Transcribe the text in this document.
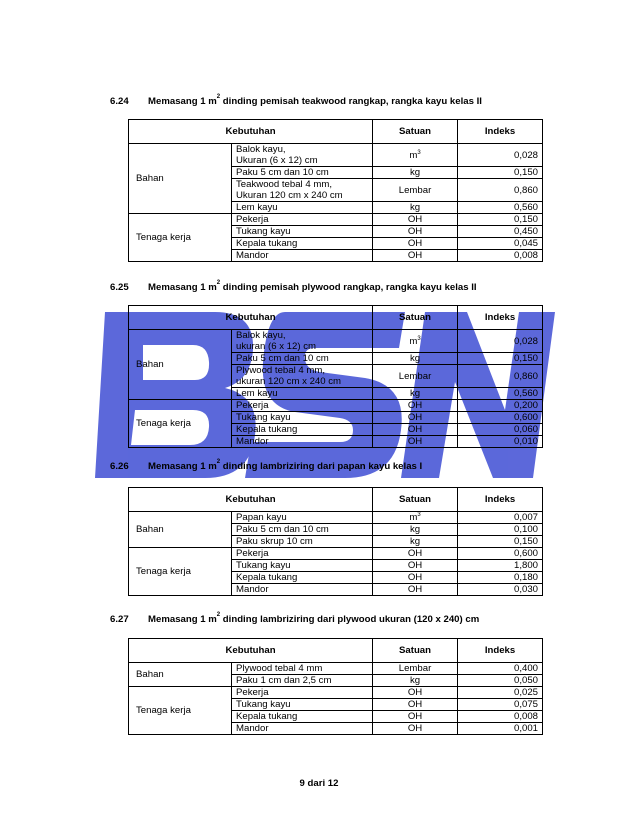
6.24 Memasang 1 $m^2$ dinding pemisah teakwood rangkap, rangka kayu kelas II
Kebutuhan		Satuan	Indeks
Bahan	Balok kayu,
Ukuran (6 x 12) cm	$m^3$	0,028

	Paku 5 cm dan 10 cm	kg	0,150

	Teakwood tebal 4 mm,
Ukuran 120 cm x 240 cm	Lembar	0,860

	Lem kayu	kg	0,560
Tenaga kerja	Pekerja	OH	0,150

	Tukang kayu	OH	0,450

	Kepala tukang	OH	0,045

	Mandor	OH	0,008
6.25 Memasang 1 $m^2$ dinding pemisah plywood rangkap, rangka kayu kelas II
Kebutuhan		Satuan	Indeks
Bahan	Balok kayu,
ukuran (6 x 12) cm	$m^3$	0,028

	Paku 5 cm dan 10 cm	kg	0,150

	Plywood tebal 4 mm,
ukuran 120 cm x 240 cm	Lembar	0,860

	Lem kayu	kg	0,560
Tenaga kerja	Pekerja	OH	0,200

	Tukang kayu	OH	0,600

	Kepala tukang	OH	0,060

	Mandor	OH	0,010
6.26 Memasang 1 $m^2$ dinding lambriziring dari papan kayu kelas I
Kebutuhan		Satuan	Indeks
Bahan	Papan kayu	$m^3$	0,007

	Paku 5 cm dan 10 cm	kg	0,100

	Paku skrup 10 cm	kg	0,150
Tenaga kerja	Pekerja	OH	0,600

	Tukang kayu	OH	1,800

	Kepala tukang	OH	0,180

	Mandor	OH	0,030
6.27 Memasang 1 $m^2$ dinding lambriziring dari plywood ukuran (120 x 240) cm
Kebutuhan		Satuan	Indeks
Bahan	Plywood tebal 4 mm	Lembar	0,400

	Paku 1 cm dan 2,5 cm	kg	0,050
Tenaga kerja	Pekerja	OH	0,025

	Tukang kayu	OH	0,075

	Kepala tukang	OH	0,008

	Mandor	OH	0,001
9 dari 12
